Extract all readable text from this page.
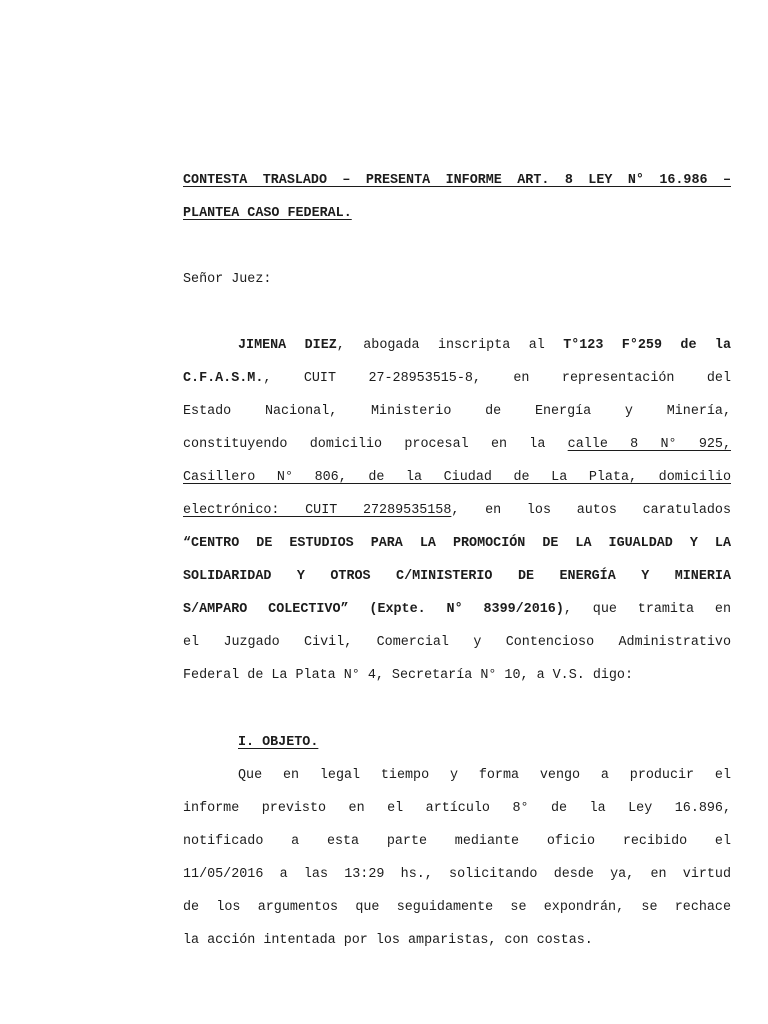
CONTESTA TRASLADO – PRESENTA INFORME ART. 8 LEY N° 16.986 –
PLANTEA CASO FEDERAL.
Señor Juez:
JIMENA DIEZ, abogada inscripta al T°123 F°259 de la
C.F.A.S.M., CUIT 27-28953515-8, en representación del
Estado Nacional, Ministerio de Energía y Minería,
constituyendo domicilio procesal en la calle 8 N° 925,
Casillero N° 806, de la Ciudad de La Plata, domicilio
electrónico: CUIT 27289535158, en los autos caratulados
“CENTRO DE ESTUDIOS PARA LA PROMOCIÓN DE LA IGUALDAD Y LA
SOLIDARIDAD Y OTROS C/MINISTERIO DE ENERGÍA Y MINERIA
S/AMPARO COLECTIVO” (Expte. N° 8399/2016), que tramita en
el Juzgado Civil, Comercial y Contencioso Administrativo
Federal de La Plata N° 4, Secretaría N° 10, a V.S. digo:
I. OBJETO.
Que en legal tiempo y forma vengo a producir el
informe previsto en el artículo 8° de la Ley 16.896,
notificado a esta parte mediante oficio recibido el
11/05/2016 a las 13:29 hs., solicitando desde ya, en virtud
de los argumentos que seguidamente se expondrán, se rechace
la acción intentada por los amparistas, con costas.
